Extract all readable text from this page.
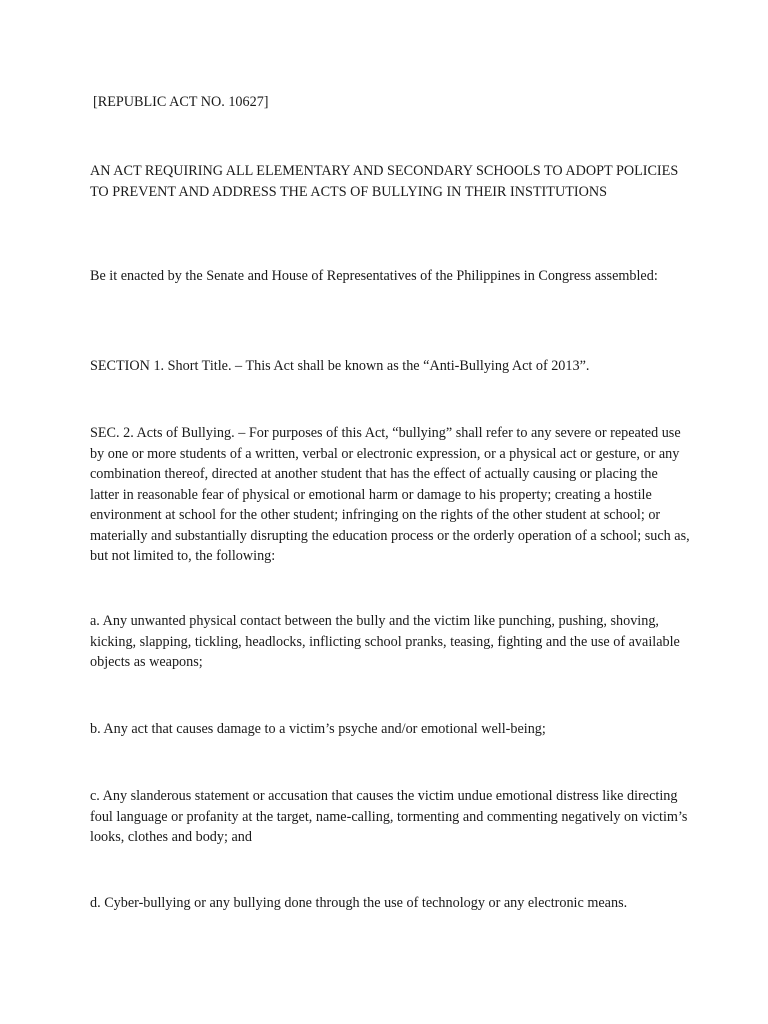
[REPUBLIC ACT NO. 10627]

AN ACT REQUIRING ALL ELEMENTARY AND SECONDARY SCHOOLS TO ADOPT POLICIES TO PREVENT AND ADDRESS THE ACTS OF BULLYING IN THEIR INSTITUTIONS

Be it enacted by the Senate and House of Representatives of the Philippines in Congress assembled:

SECTION 1. Short Title. – This Act shall be known as the “Anti-Bullying Act of 2013”.

SEC. 2. Acts of Bullying. – For purposes of this Act, “bullying” shall refer to any severe or repeated use by one or more students of a written, verbal or electronic expression, or a physical act or gesture, or any combination thereof, directed at another student that has the effect of actually causing or placing the latter in reasonable fear of physical or emotional harm or damage to his property; creating a hostile environment at school for the other student; infringing on the rights of the other student at school; or materially and substantially disrupting the education process or the orderly operation of a school; such as, but not limited to, the following:

a. Any unwanted physical contact between the bully and the victim like punching, pushing, shoving, kicking, slapping, tickling, headlocks, inflicting school pranks, teasing, fighting and the use of available objects as weapons;

b. Any act that causes damage to a victim’s psyche and/or emotional well-being;

c. Any slanderous statement or accusation that causes the victim undue emotional distress like directing foul language or profanity at the target, name-calling, tormenting and commenting negatively on victim’s looks, clothes and body; and

d. Cyber-bullying or any bullying done through the use of technology or any electronic means.
